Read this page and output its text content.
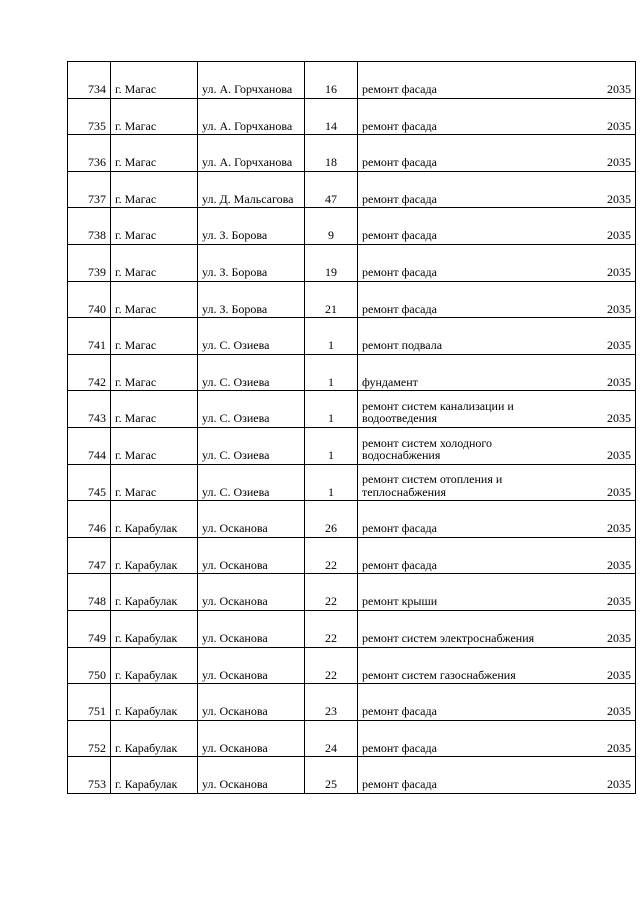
734	г. Магас	ул. А. Горчханова	16	ремонт фасада	2035
735	г. Магас	ул. А. Горчханова	14	ремонт фасада	2035
736	г. Магас	ул. А. Горчханова	18	ремонт фасада	2035
737	г. Магас	ул. Д. Мальсагова	47	ремонт фасада	2035
738	г. Магас	ул. З. Борова	9	ремонт фасада	2035
739	г. Магас	ул. З. Борова	19	ремонт фасада	2035
740	г. Магас	ул. З. Борова	21	ремонт фасада	2035
741	г. Магас	ул. С. Озиева	1	ремонт подвала	2035
742	г. Магас	ул. С. Озиева	1	фундамент	2035
743	г. Магас	ул. С. Озиева	1	ремонт систем канализации и водоотведения	2035
744	г. Магас	ул. С. Озиева	1	ремонт систем холодного водоснабжения	2035
745	г. Магас	ул. С. Озиева	1	ремонт систем отопления и теплоснабжения	2035
746	г. Карабулак	ул. Осканова	26	ремонт фасада	2035
747	г. Карабулак	ул. Осканова	22	ремонт фасада	2035
748	г. Карабулак	ул. Осканова	22	ремонт крыши	2035
749	г. Карабулак	ул. Осканова	22	ремонт систем электроснабжения	2035
750	г. Карабулак	ул. Осканова	22	ремонт систем газоснабжения	2035
751	г. Карабулак	ул. Осканова	23	ремонт фасада	2035
752	г. Карабулак	ул. Осканова	24	ремонт фасада	2035
753	г. Карабулак	ул. Осканова	25	ремонт фасада	2035
